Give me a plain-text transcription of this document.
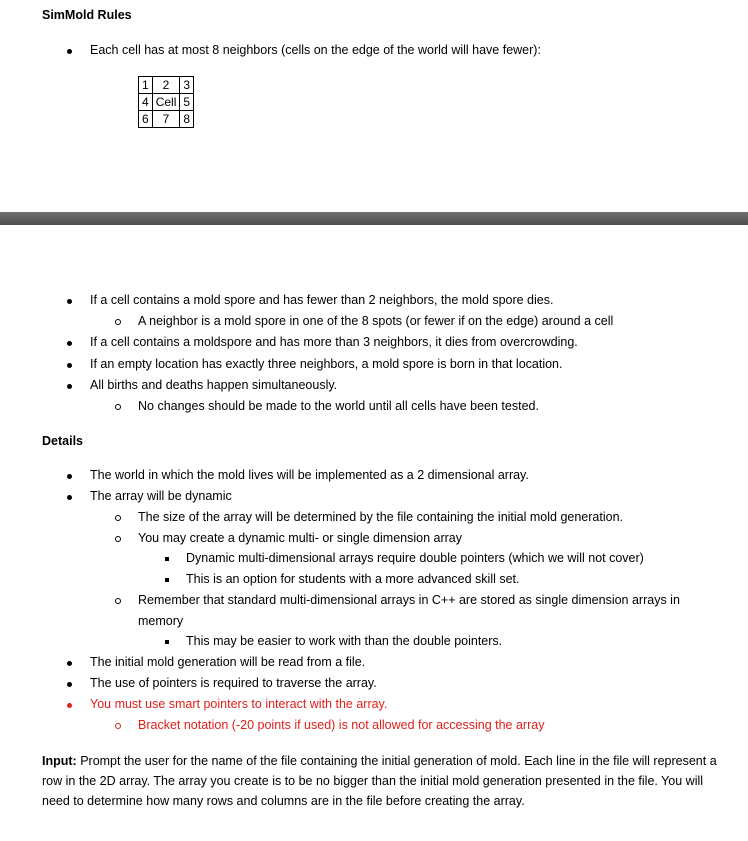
SimMold Rules
Each cell has at most 8 neighbors (cells on the edge of the world will have fewer):
1	2	3
4	Cell	5
6	7	8
If a cell contains a mold spore and has fewer than 2 neighbors, the mold spore dies.
A neighbor is a mold spore in one of the 8 spots (or fewer if on the edge) around a cell
If a cell contains a moldspore and has more than 3 neighbors, it dies from overcrowding.
If an empty location has exactly three neighbors, a mold spore is born in that location.
All births and deaths happen simultaneously.
No changes should be made to the world until all cells have been tested.
Details
The world in which the mold lives will be implemented as a 2 dimensional array.
The array will be dynamic
The size of the array will be determined by the file containing the initial mold generation.
You may create a dynamic multi- or single dimension array
Dynamic multi-dimensional arrays require double pointers (which we will not cover)
This is an option for students with a more advanced skill set.
Remember that standard multi-dimensional arrays in C++ are stored as single dimension arrays in
memory
This may be easier to work with than the double pointers.
The initial mold generation will be read from a file.
The use of pointers is required to traverse the array.
You must use smart pointers to interact with the array.
Bracket notation (-20 points if used) is not allowed for accessing the array
Input: Prompt the user for the name of the file containing the initial generation of mold. Each line in the file will represent a row in the 2D array. The array you create is to be no bigger than the initial mold generation presented in the file. You will need to determine how many rows and columns are in the file before creating the array.
